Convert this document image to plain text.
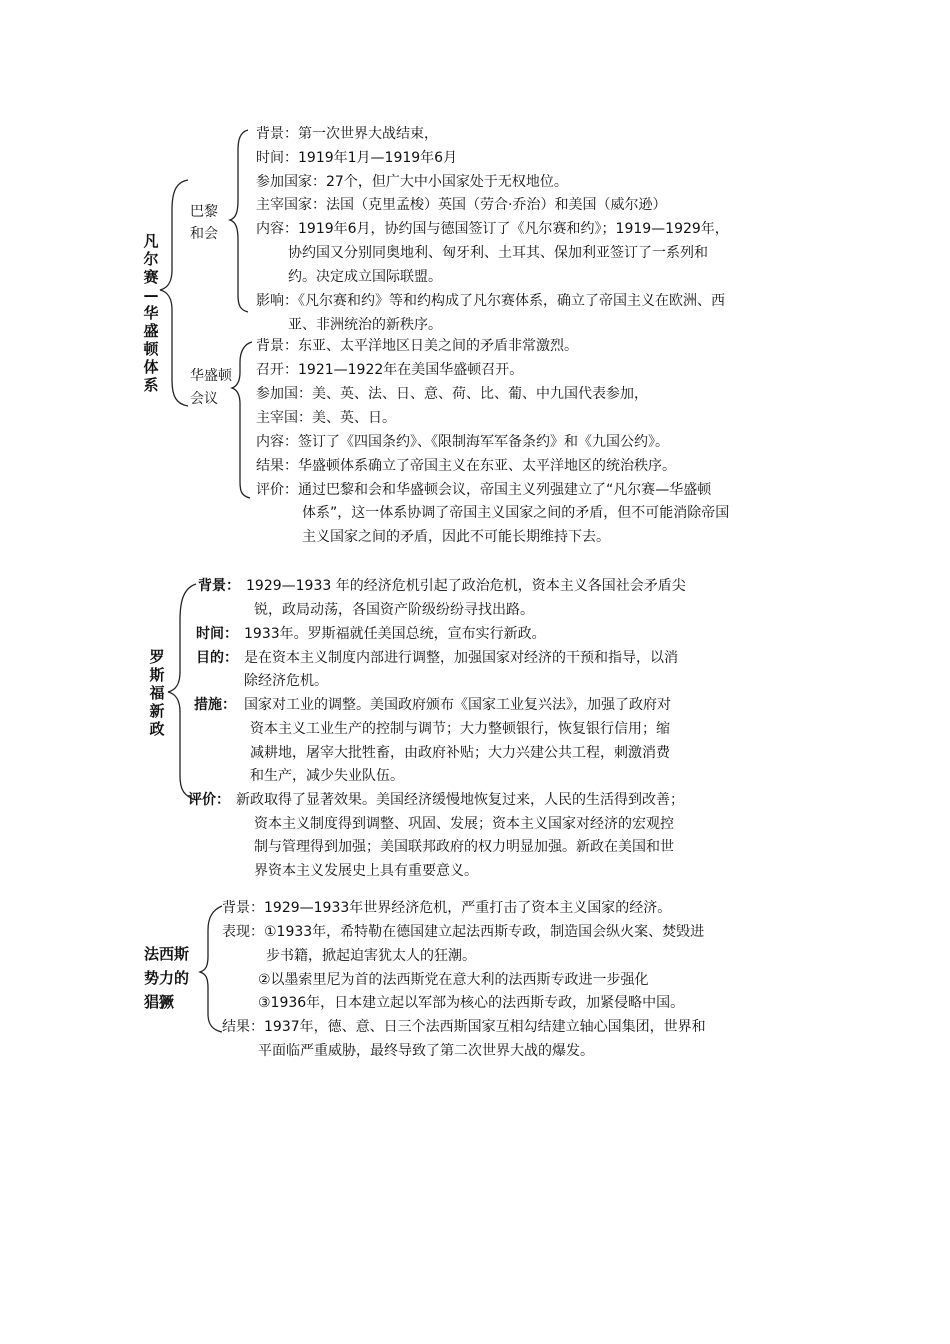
凡尔赛—华盛顿体系
巴黎
和会
背景：第一次世界大战结束，
时间：1919年1月—1919年6月
参加国家：27个，但广大中小国家处于无权地位。
主宰国家：法国（克里孟梭）英国（劳合·乔治）和美国（威尔逊）
内容：1919年6月，协约国与德国签订了《凡尔赛和约》；1919—1929年，
协约国又分别同奥地利、匈牙利、土耳其、保加利亚签订了一系列和
约。决定成立国际联盟。
影响：《凡尔赛和约》等和约构成了凡尔赛体系，确立了帝国主义在欧洲、西
亚、非洲统治的新秩序。
华盛顿
会议
背景：东亚、太平洋地区日美之间的矛盾非常激烈。
召开：1921—1922年在美国华盛顿召开。
参加国：美、英、法、日、意、荷、比、葡、中九国代表参加，
主宰国：美、英、日。
内容：签订了《四国条约》、《限制海军军备条约》和《九国公约》。
结果：华盛顿体系确立了帝国主义在东亚、太平洋地区的统治秩序。
评价：通过巴黎和会和华盛顿会议，帝国主义列强建立了“凡尔赛—华盛顿
体系”，这一体系协调了帝国主义国家之间的矛盾，但不可能消除帝国
主义国家之间的矛盾，因此不可能长期维持下去。
罗斯福新政
背景： 1929—1933 年的经济危机引起了政治危机，资本主义各国社会矛盾尖
锐，政局动荡，各国资产阶级纷纷寻找出路。
时间： 1933年。罗斯福就任美国总统，宣布实行新政。
目的： 是在资本主义制度内部进行调整，加强国家对经济的干预和指导，以消
除经济危机。
措施： 国家对工业的调整。美国政府颁布《国家工业复兴法》，加强了政府对
资本主义工业生产的控制与调节；大力整顿银行，恢复银行信用；缩
减耕地，屠宰大批牲畜，由政府补贴；大力兴建公共工程，刺激消费
和生产，减少失业队伍。
评价： 新政取得了显著效果。美国经济缓慢地恢复过来，人民的生活得到改善；
资本主义制度得到调整、巩固、发展；资本主义国家对经济的宏观控
制与管理得到加强；美国联邦政府的权力明显加强。新政在美国和世
界资本主义发展史上具有重要意义。
法西斯
势力的
猖獗
背景：1929—1933年世界经济危机，严重打击了资本主义国家的经济。
表现：①1933年，希特勒在德国建立起法西斯专政，制造国会纵火案、焚毁进
步书籍，掀起迫害犹太人的狂潮。
②以墨索里尼为首的法西斯党在意大利的法西斯专政进一步强化
③1936年，日本建立起以军部为核心的法西斯专政，加紧侵略中国。
结果：1937年，德、意、日三个法西斯国家互相勾结建立轴心国集团，世界和
平面临严重威胁，最终导致了第二次世界大战的爆发。
